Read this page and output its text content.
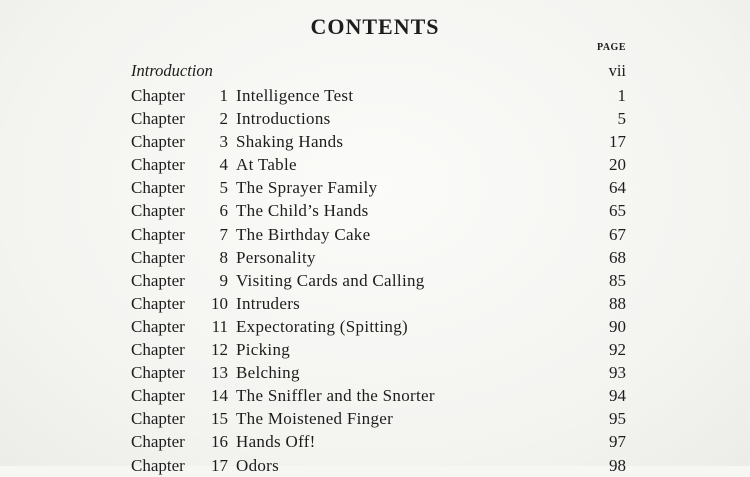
CONTENTS
PAGE
Introduction	vii
Chapter	1 Intelligence Test	1
Chapter	2 Introductions	5
Chapter	3 Shaking Hands	17
Chapter	4 At Table	20
Chapter	5 The Sprayer Family	64
Chapter	6 The Child’s Hands	65
Chapter	7 The Birthday Cake	67
Chapter	8 Personality	68
Chapter	9 Visiting Cards and Calling	85
Chapter	10 Intruders	88
Chapter	11 Expectorating (Spitting)	90
Chapter	12 Picking	92
Chapter	13 Belching	93
Chapter	14 The Sniffler and the Snorter	94
Chapter	15 The Moistened Finger	95
Chapter	16 Hands Off!	97
Chapter	17 Odors	98
